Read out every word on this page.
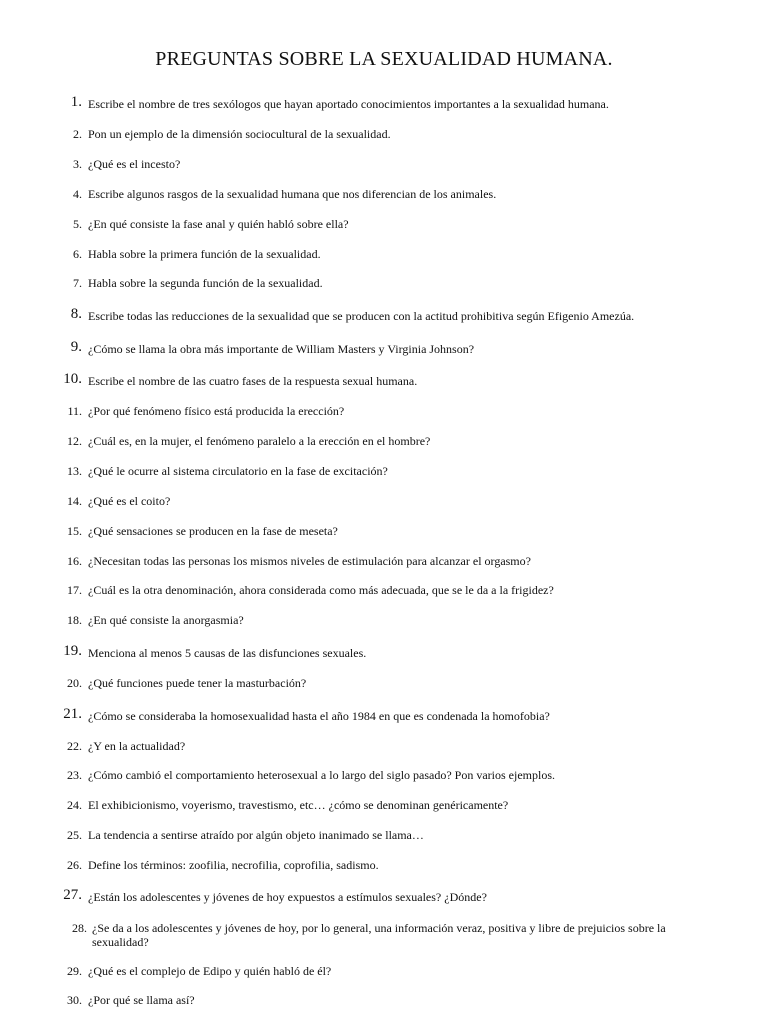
PREGUNTAS SOBRE LA SEXUALIDAD HUMANA.
1. Escribe el nombre de tres sexólogos que hayan aportado conocimientos importantes a la sexualidad humana.
2. Pon un ejemplo de la dimensión sociocultural de la sexualidad.
3. ¿Qué es el incesto?
4. Escribe algunos rasgos de la sexualidad humana que nos diferencian de los animales.
5. ¿En qué consiste la fase anal y quién habló sobre ella?
6. Habla sobre la primera función de la sexualidad.
7. Habla sobre la segunda función de la sexualidad.
8. Escribe todas las reducciones de la sexualidad que se producen con la actitud prohibitiva según Efigenio Amezúa.
9. ¿Cómo se llama la obra más importante de William Masters y Virginia Johnson?
10. Escribe el nombre de las cuatro fases de la respuesta sexual humana.
11. ¿Por qué fenómeno físico está producida la erección?
12. ¿Cuál es, en la mujer, el fenómeno paralelo a la erección en el hombre?
13. ¿Qué le ocurre al sistema circulatorio en la fase de excitación?
14. ¿Qué es el coito?
15. ¿Qué sensaciones se producen en la fase de meseta?
16. ¿Necesitan todas las personas los mismos niveles de estimulación para alcanzar el orgasmo?
17. ¿Cuál es la otra denominación, ahora considerada como más adecuada, que se le da a la frigidez?
18. ¿En qué consiste la anorgasmia?
19. Menciona al menos 5 causas de las disfunciones sexuales.
20. ¿Qué funciones puede tener la masturbación?
21. ¿Cómo se consideraba la homosexualidad hasta el año 1984 en que es condenada la homofobia?
22. ¿Y en la actualidad?
23. ¿Cómo cambió el comportamiento heterosexual a lo largo del siglo pasado? Pon varios ejemplos.
24. El exhibicionismo, voyerismo, travestismo, etc… ¿cómo se denominan genéricamente?
25. La tendencia a sentirse atraído por algún objeto inanimado se llama…
26. Define los términos: zoofilia, necrofilia, coprofilia, sadismo.
27. ¿Están los adolescentes y jóvenes de hoy expuestos a estímulos sexuales? ¿Dónde?
28. ¿Se da a los adolescentes y jóvenes de hoy, por lo general, una información veraz, positiva y libre de prejuicios sobre la sexualidad?
29. ¿Qué es el complejo de Edipo y quién habló de él?
30. ¿Por qué se llama así?
